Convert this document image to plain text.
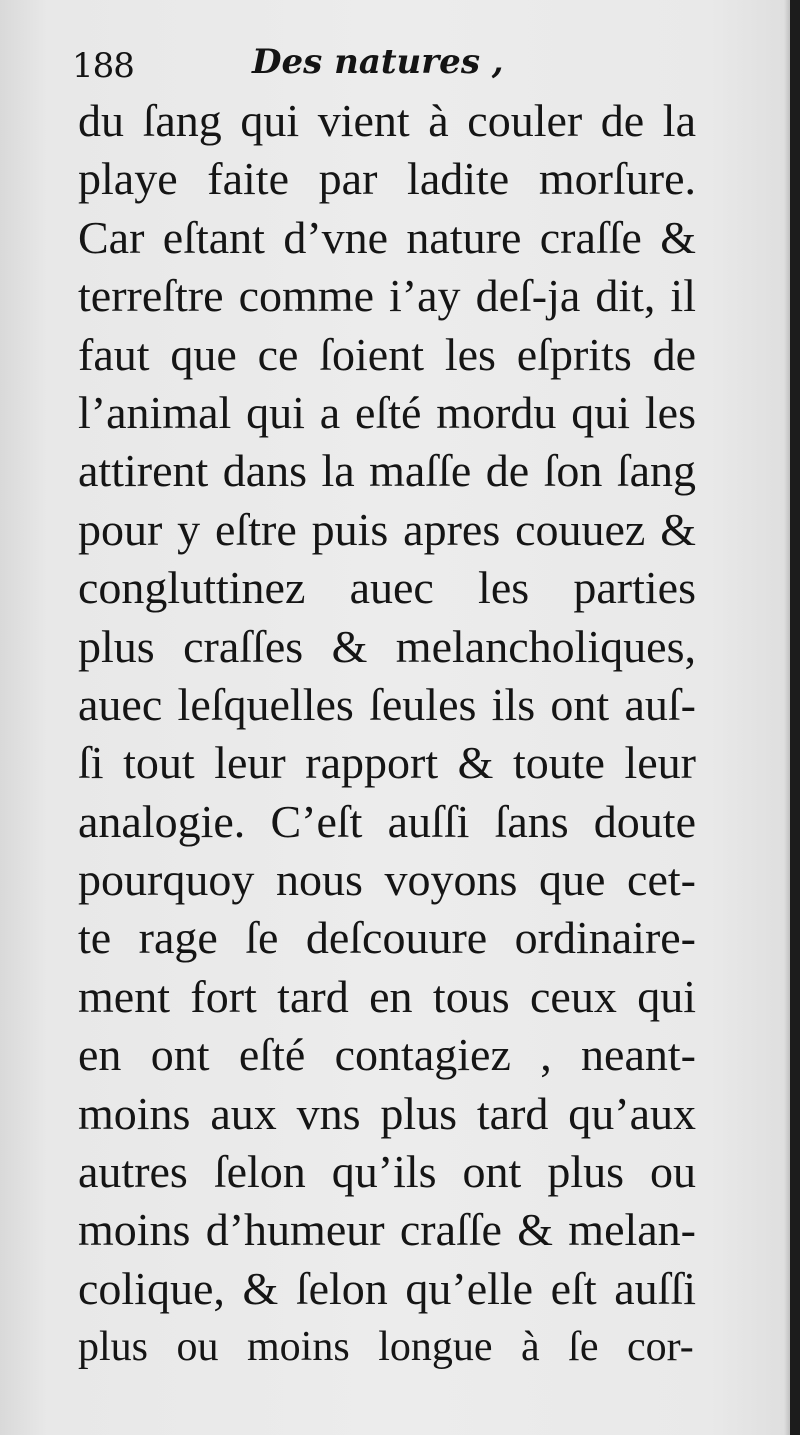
188	Des natures ,
du ſang qui vient à couler de la
playe faite par ladite morſure.
Car eſtant d’vne nature craſſe &
terreſtre comme i’ay deſ-ja dit, il
faut que ce ſoient les eſprits de
l’animal qui a eſté mordu qui les
attirent dans la maſſe de ſon ſang
pour y eſtre puis apres couuez &
congluttinez auec les parties
plus craſſes & melancholiques,
auec leſquelles ſeules ils ont auſ-
ſi tout leur rapport & toute leur
analogie. C’eſt auſſi ſans doute
pourquoy nous voyons que cet-
te rage ſe deſcouure ordinaire-
ment fort tard en tous ceux qui
en ont eſté contagiez , neant-
moins aux vns plus tard qu’aux
autres ſelon qu’ils ont plus ou
moins d’humeur craſſe & melan-
colique, & ſelon qu’elle eſt auſſi
plus ou moins longue à ſe cor-
